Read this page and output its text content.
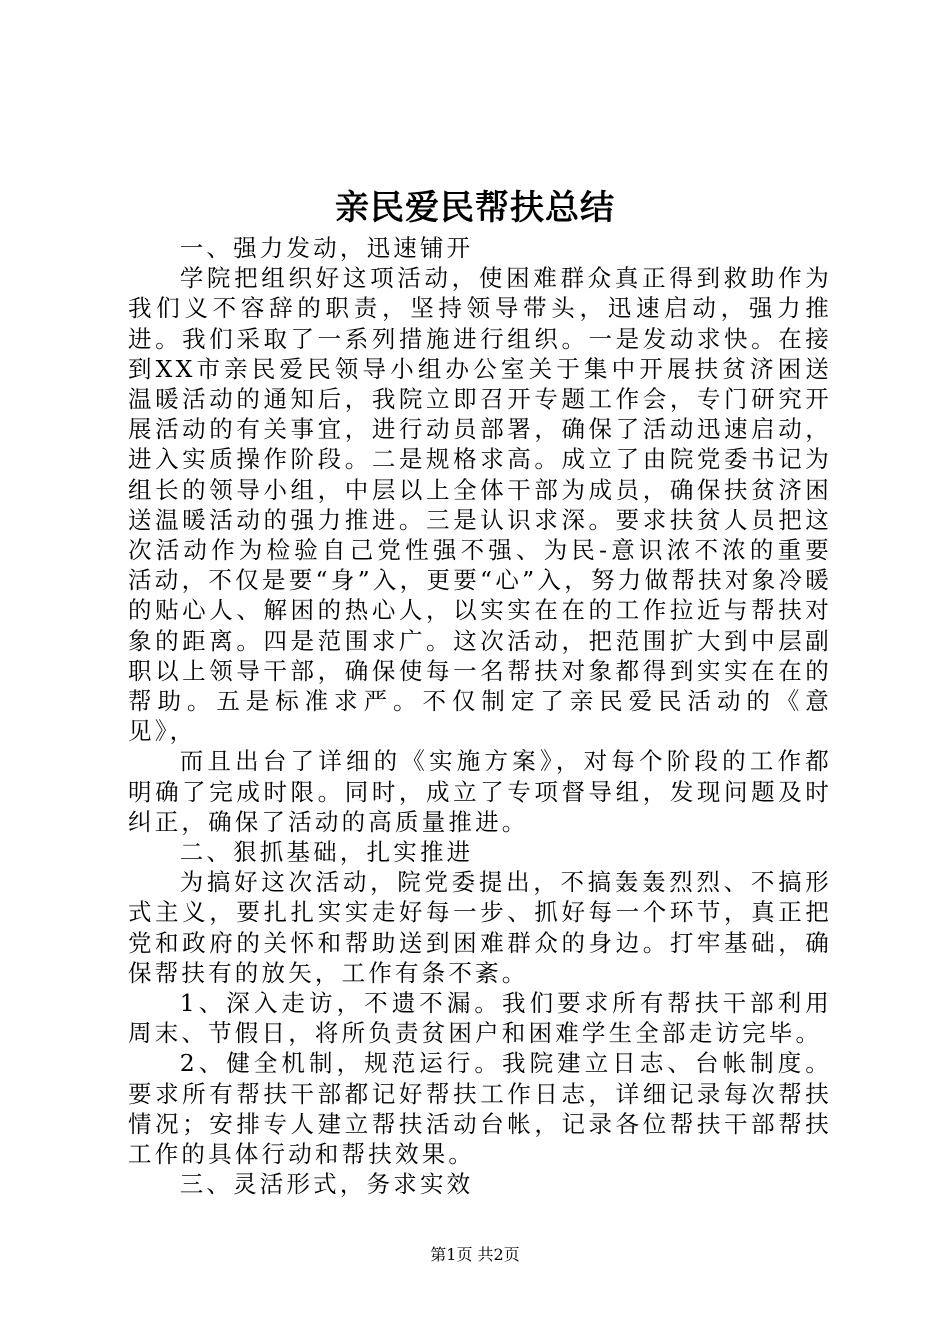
亲民爱民帮扶总结

一、强力发动，迅速铺开

学院把组织好这项活动，使困难群众真正得到救助作为我们义不容辞的职责，坚持领导带头，迅速启动，强力推进。我们采取了一系列措施进行组织。一是发动求快。在接到XX市亲民爱民领导小组办公室关于集中开展扶贫济困送温暖活动的通知后，我院立即召开专题工作会，专门研究开展活动的有关事宜，进行动员部署，确保了活动迅速启动，进入实质操作阶段。二是规格求高。成立了由院党委书记为组长的领导小组，中层以上全体干部为成员，确保扶贫济困送温暖活动的强力推进。三是认识求深。要求扶贫人员把这次活动作为检验自己党性强不强、为民-意识浓不浓的重要活动，不仅是要“身”入，更要“心”入，努力做帮扶对象冷暖的贴心人、解困的热心人，以实实在在的工作拉近与帮扶对象的距离。四是范围求广。这次活动，把范围扩大到中层副职以上领导干部，确保使每一名帮扶对象都得到实实在在的帮助。五是标准求严。不仅制定了亲民爱民活动的《意见》，

而且出台了详细的《实施方案》，对每个阶段的工作都明确了完成时限。同时，成立了专项督导组，发现问题及时纠正，确保了活动的高质量推进。

二、狠抓基础，扎实推进

为搞好这次活动，院党委提出，不搞轰轰烈烈、不搞形式主义，要扎扎实实走好每一步、抓好每一个环节，真正把党和政府的关怀和帮助送到困难群众的身边。打牢基础，确保帮扶有的放矢，工作有条不紊。

1、深入走访，不遗不漏。我们要求所有帮扶干部利用周末、节假日，将所负责贫困户和困难学生全部走访完毕。

2、健全机制，规范运行。我院建立日志、台帐制度。要求所有帮扶干部都记好帮扶工作日志，详细记录每次帮扶情况；安排专人建立帮扶活动台帐，记录各位帮扶干部帮扶工作的具体行动和帮扶效果。

三、灵活形式，务求实效

第1页 共2页
